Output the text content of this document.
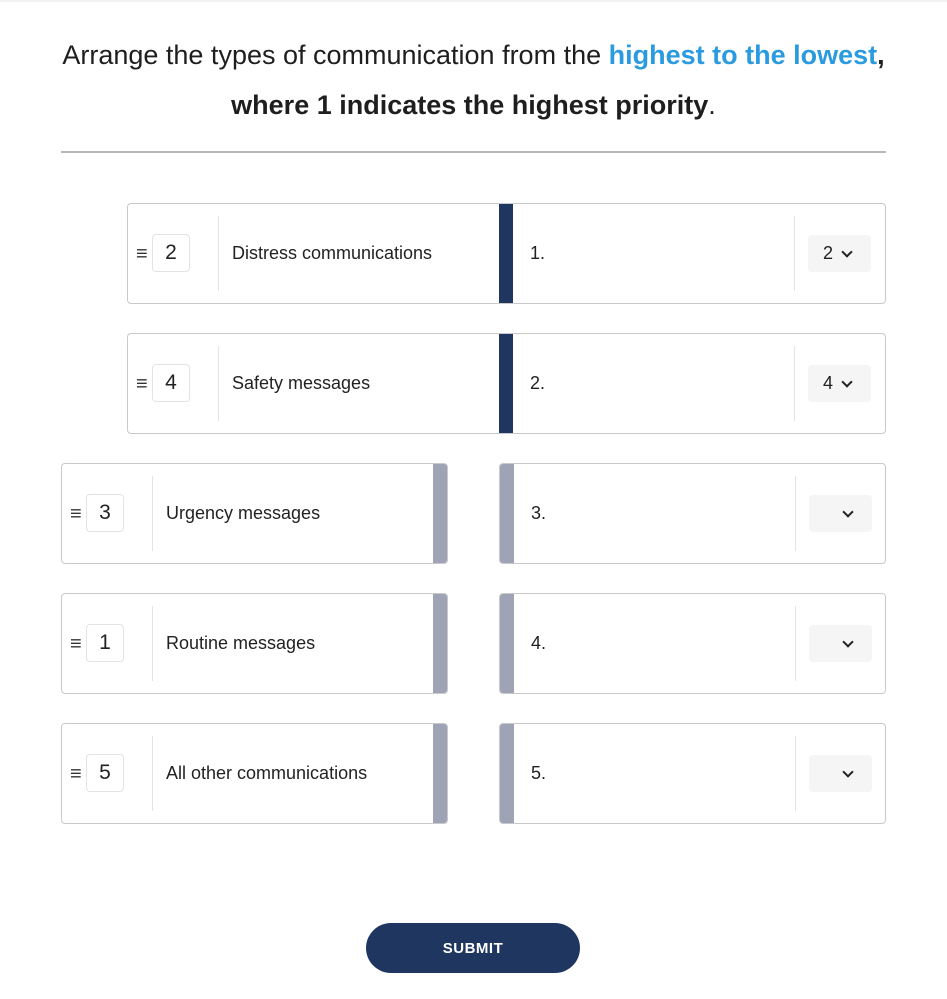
Arrange the types of communication from the highest to the lowest, where 1 indicates the highest priority.
≡ 2	Distress communications
≡ 4	Safety messages
≡ 3	Urgency messages
≡ 1	Routine messages
≡ 5	All other communications
1.	2
2.	4
3.
4.
5.
SUBMIT
